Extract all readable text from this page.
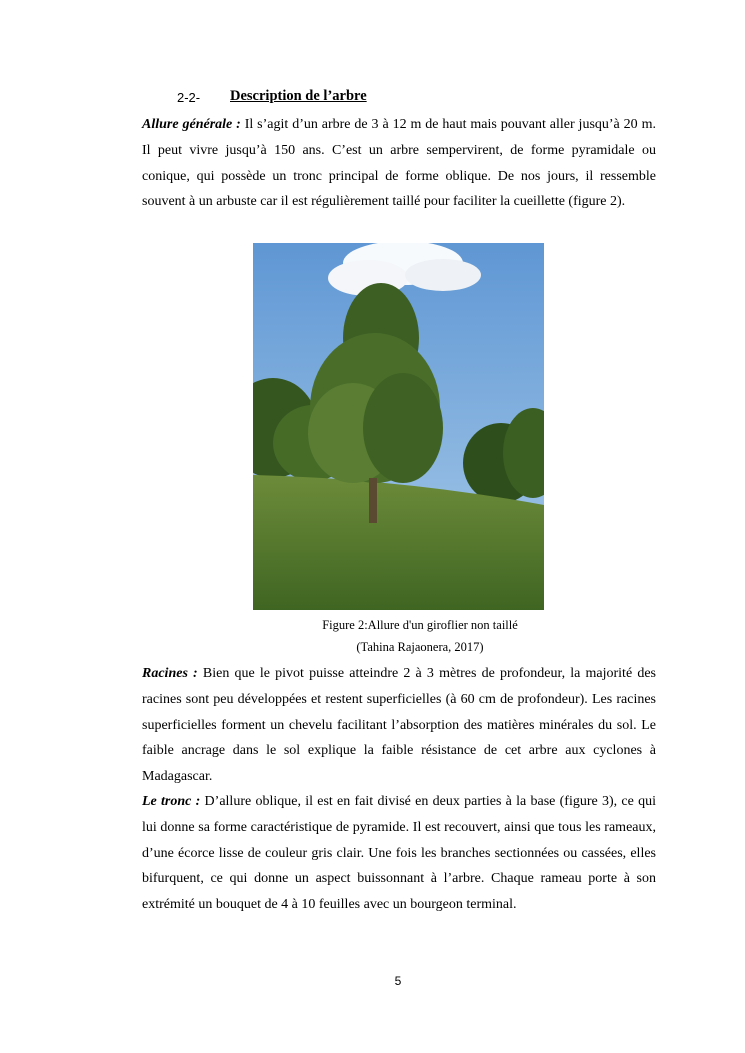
2-2- Description de l’arbre

Allure générale : Il s’agit d’un arbre de 3 à 12 m de haut mais pouvant aller jusqu’à 20 m. Il peut vivre jusqu’à 150 ans. C’est un arbre sempervirent, de forme pyramidale ou conique, qui possède un tronc principal de forme oblique. De nos jours, il ressemble souvent à un arbuste car il est régulièrement taillé pour faciliter la cueillette (figure 2).

Figure 2:Allure d'un giroflier non taillé
(Tahina Rajaonera, 2017)

Racines : Bien que le pivot puisse atteindre 2 à 3 mètres de profondeur, la majorité des racines sont peu développées et restent superficielles (à 60 cm de profondeur). Les racines superficielles forment un chevelu facilitant l’absorption des matières minérales du sol. Le faible ancrage dans le sol explique la faible résistance de cet arbre aux cyclones à Madagascar.

Le tronc : D’allure oblique, il est en fait divisé en deux parties à la base (figure 3), ce qui lui donne sa forme caractéristique de pyramide. Il est recouvert, ainsi que tous les rameaux, d’une écorce lisse de couleur gris clair. Une fois les branches sectionnées ou cassées, elles bifurquent, ce qui donne un aspect buissonnant à l’arbre. Chaque rameau porte à son extrémité un bouquet de 4 à 10 feuilles avec un bourgeon terminal.

5
